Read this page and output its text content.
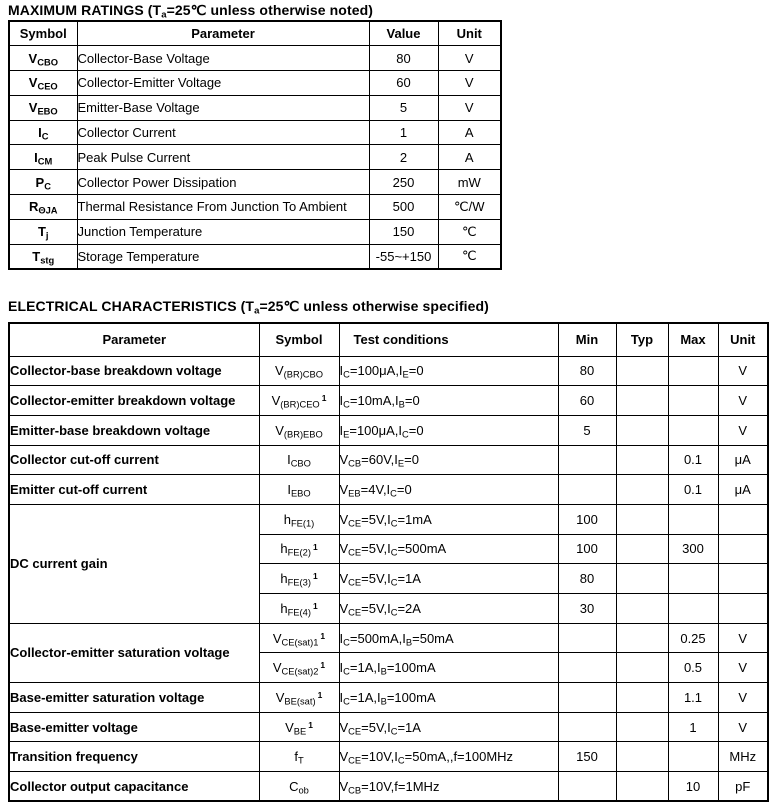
MAXIMUM RATINGS ($T_a=25℃$ unless otherwise noted)
Symbol	Parameter	Value	Unit
$V_{CBO}$	Collector-Base Voltage	80	V
$V_{CEO}$	Collector-Emitter Voltage	60	V
$V_{EBO}$	Emitter-Base Voltage	5	V
$I_C$	Collector Current	1	A
$I_{CM}$	Peak Pulse Current	2	A
$P_C$	Collector Power Dissipation	250	mW
$R_{\Theta JA}$	Thermal Resistance From Junction To Ambient	500	℃/W
$T_j$	Junction Temperature	150	℃
$T_{stg}$	Storage Temperature	-55~+150	℃
ELECTRICAL CHARACTERISTICS ($T_a=25℃$ unless otherwise specified)
Parameter	Symbol	Test conditions	Min	Typ	Max	Unit
Collector-base breakdown voltage	$V_{(BR)CBO}$	$I_C=100\mu A,I_E=0$	80			V
Collector-emitter breakdown voltage	$V_{(BR)CEO}^1$	$I_C=10mA,I_B=0$	60			V
Emitter-base breakdown voltage	$V_{(BR)EBO}$	$I_E=100\mu A,I_C=0$	5			V
Collector cut-off current	$I_{CBO}$	$V_{CB}=60V,I_E=0$			0.1	μA
Emitter cut-off current	$I_{EBO}$	$V_{EB}=4V,I_C=0$			0.1	μA
DC current gain	$h_{FE(1)}$	$V_{CE}=5V,I_C=1mA$	100			
	$h_{FE(2)}^1$	$V_{CE}=5V,I_C=500mA$	100		300	
	$h_{FE(3)}^1$	$V_{CE}=5V,I_C=1A$	80			
	$h_{FE(4)}^1$	$V_{CE}=5V,I_C=2A$	30			
Collector-emitter saturation voltage	$V_{CE(sat)1}^1$	$I_C=500mA,I_B=50mA$			0.25	V
	$V_{CE(sat)2}^1$	$I_C=1A,I_B=100mA$			0.5	V
Base-emitter saturation voltage	$V_{BE(sat)}^1$	$I_C=1A,I_B=100mA$			1.1	V
Base-emitter voltage	$V_{BE}^1$	$V_{CE}=5V,I_C=1A$			1	V
Transition frequency	$f_T$	$V_{CE}=10V,I_C=50mA,,f=100MHz$	150			MHz
Collector output capacitance	$C_{ob}$	$V_{CB}=10V,f=1MHz$			10	pF
